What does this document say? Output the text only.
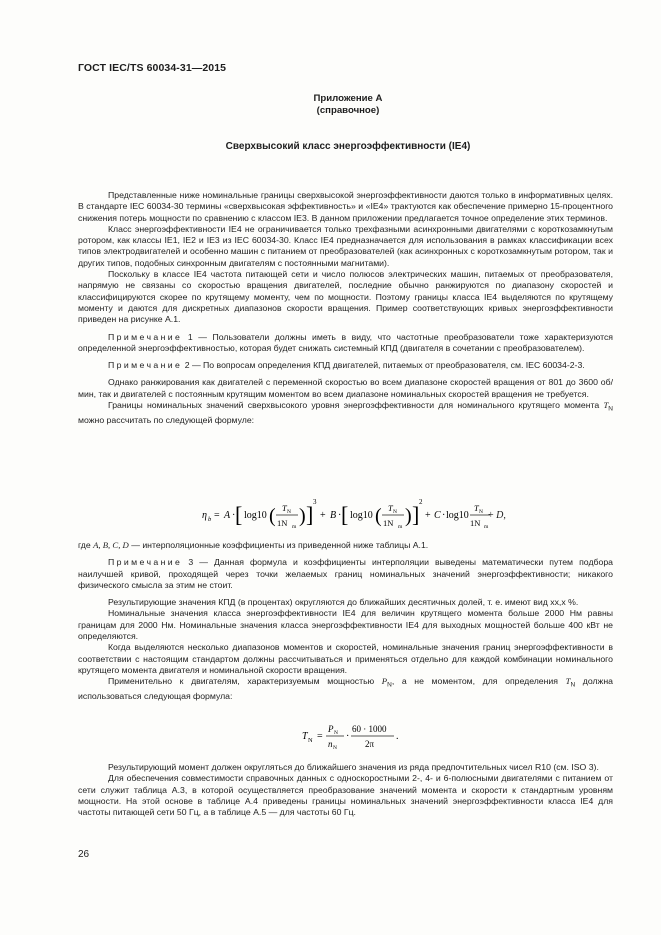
ГОСТ IEC/TS 60034-31—2015
Приложение А
(справочное)
Сверхвысокий класс энергоэффективности (IE4)

Представленные ниже номинальные границы сверхвысокой энергоэффективности даются только в информативных целях. В стандарте IEC 60034-30 термины «сверхвысокая эффективность» и «IE4» трактуются как обеспечение примерно 15-процентного снижения потерь мощности по сравнению с классом IE3. В данном приложении предлагается точное определение этих терминов.

Класс энергоэффективности IE4 не ограничивается только трехфазными асинхронными двигателями с короткозамкнутым ротором, как классы IE1, IE2 и IE3 из IEC 60034-30. Класс IE4 предназначается для использования в рамках классификации всех типов электродвигателей и особенно машин с питанием от преобразователей (как асинхронных с короткозамкнутым ротором, так и других типов, подобных синхронным двигателям с постоянными магнитами).

Поскольку в классе IE4 частота питающей сети и число полюсов электрических машин, питаемых от преобразователя, напрямую не связаны со скоростью вращения двигателей, последние обычно ранжируются по диапазону скоростей и классифицируются скорее по крутящему моменту, чем по мощности. Поэтому границы класса IE4 выделяются по крутящему моменту и даются для дискретных диапазонов скорости вращения. Пример соответствующих кривых энергоэффективности приведен на рисунке А.1.

Примечание 1 — Пользователи должны иметь в виду, что частотные преобразователи тоже характеризуются определенной энергоэффективностью, которая будет снижать системный КПД (двигателя в сочетании с преобразователем).

Примечание 2 — По вопросам определения КПД двигателей, питаемых от преобразователя, см. IEC 60034-2-3.

Однако ранжирования как двигателей с переменной скоростью во всем диапазоне скоростей вращения от 801 до 3600 об/мин, так и двигателей с постоянным крутящим моментом во всем диапазоне номинальных скоростей вращения не требуется.

Границы номинальных значений сверхвысокого уровня энергоэффективности для номинального крутящего момента $T_N$ можно рассчитать по следующей формуле:

η b = A · [ log10 ( T N
1N m ) ] 3
+ B · [ log10 ( T N
1N m ) ] 2
+ C · log10
T N
1N m
+ D,

где A, B, C, D — интерполяционные коэффициенты из приведенной ниже таблицы А.1.

Примечание 3 — Данная формула и коэффициенты интерполяции выведены математически путем подбора наилучшей кривой, проходящей через точки желаемых границ номинальных значений энергоэффективности; никакого физического смысла за этим не стоит.

Результирующие значения КПД (в процентах) округляются до ближайших десятичных долей, т. е. имеют вид xx,x %.

Номинальные значения класса энергоэффективности IE4 для величин крутящего момента больше 2000 Нм равны границам для 2000 Нм. Номинальные значения класса энергоэффективности IE4 для выходных мощностей больше 400 кВт не определяются.

Когда выделяются несколько диапазонов моментов и скоростей, номинальные значения границ энергоэффективности в соответствии с настоящим стандартом должны рассчитываться и применяться отдельно для каждой комбинации номинального крутящего момента двигателя и номинальной скорости вращения.

Применительно к двигателям, характеризуемым мощностью $P_N$, а не моментом, для определения $T_N$ должна использоваться следующая формула:

T N =
P N
n N
·
60 · 1000
2π
.

Результирующий момент должен округляться до ближайшего значения из ряда предпочтительных чисел R10 (см. ISO 3).

Для обеспечения совместимости справочных данных с односкоростными 2-, 4- и 6-полюсными двигателями с питанием от сети служит таблица А.3, в которой осуществляется преобразование значений момента и скорости к стандартным уровням мощности. На этой основе в таблице А.4 приведены границы номинальных значений энергоэффективности класса IE4 для частоты питающей сети 50 Гц, а в таблице А.5 — для частоты 60 Гц.

26
